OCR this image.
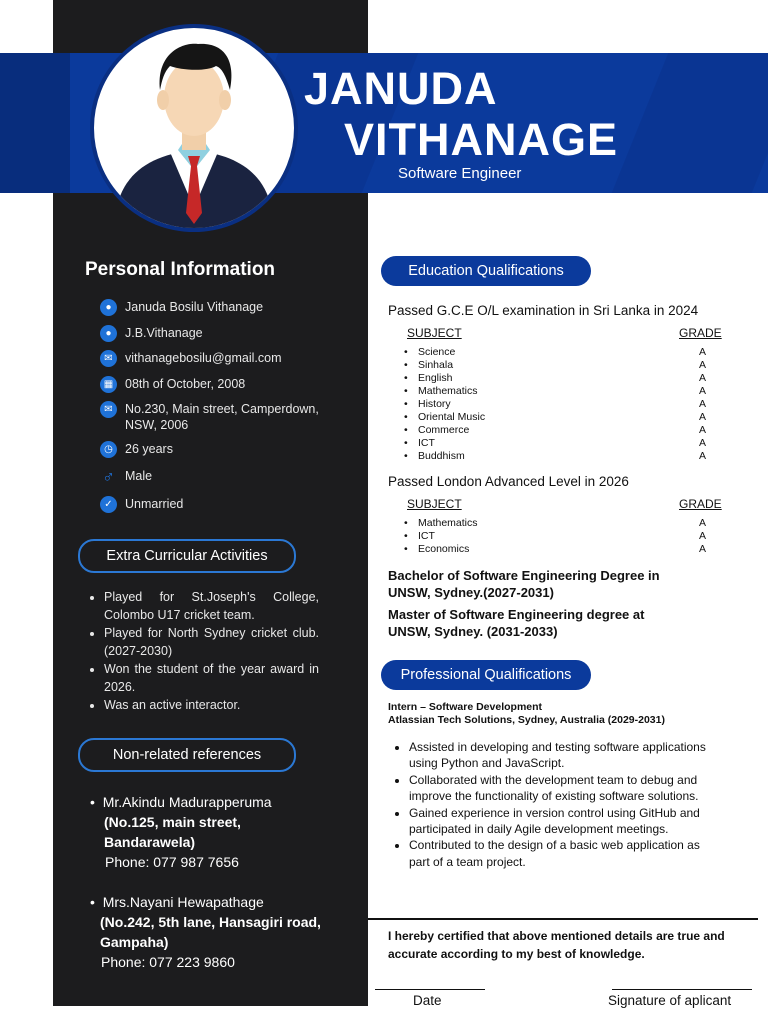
JANUDA
VITHANAGE
Software Engineer
Personal Information
●	Januda Bosilu Vithanage
●	J.B.Vithanage
✉ vithanagebosilu@gmail.com
▦ 08th of October, 2008
✉ No.230, Main street, Camperdown, NSW, 2006
◷ 26 years
♂ Male
✓ Unmarried
Extra Curricular Activities
• Played for St.Joseph's College, Colombo U17 cricket team.
• Played for North Sydney cricket club. (2027-2030)
• Won the student of the year award in 2026.
• Was an active interactor.
Non-related references
•  Mr.Akindu Madurapperuma
(No.125, main street, Bandarawela)
Phone: 077 987 7656
•  Mrs.Nayani Hewapathage
(No.242, 5th lane, Hansagiri road, Gampaha)
Phone: 077 223 9860
Education Qualifications
Passed G.C.E O/L examination in Sri Lanka in 2024
SUBJECT	GRADE
• Science	A
• Sinhala	A
• English	A
• Mathematics	A
• History	A
• Oriental Music	A
• Commerce	A
• ICT	A
• Buddhism	A
Passed London Advanced Level in 2026
SUBJECT	GRADE
• Mathematics	A
• ICT	A
• Economics	A
Bachelor of Software Engineering Degree in UNSW, Sydney.(2027-2031)
Master of Software Engineering degree at UNSW, Sydney. (2031-2033)
Professional Qualifications
Intern – Software Development
Atlassian Tech Solutions, Sydney, Australia (2029-2031)
• Assisted in developing and testing software applications using Python and JavaScript.
• Collaborated with the development team to debug and improve the functionality of existing software solutions.
• Gained experience in version control using GitHub and participated in daily Agile development meetings.
• Contributed to the design of a basic web application as part of a team project.
I hereby certified that above mentioned details are true and accurate according to my best of knowledge.
Date	Signature of aplicant
